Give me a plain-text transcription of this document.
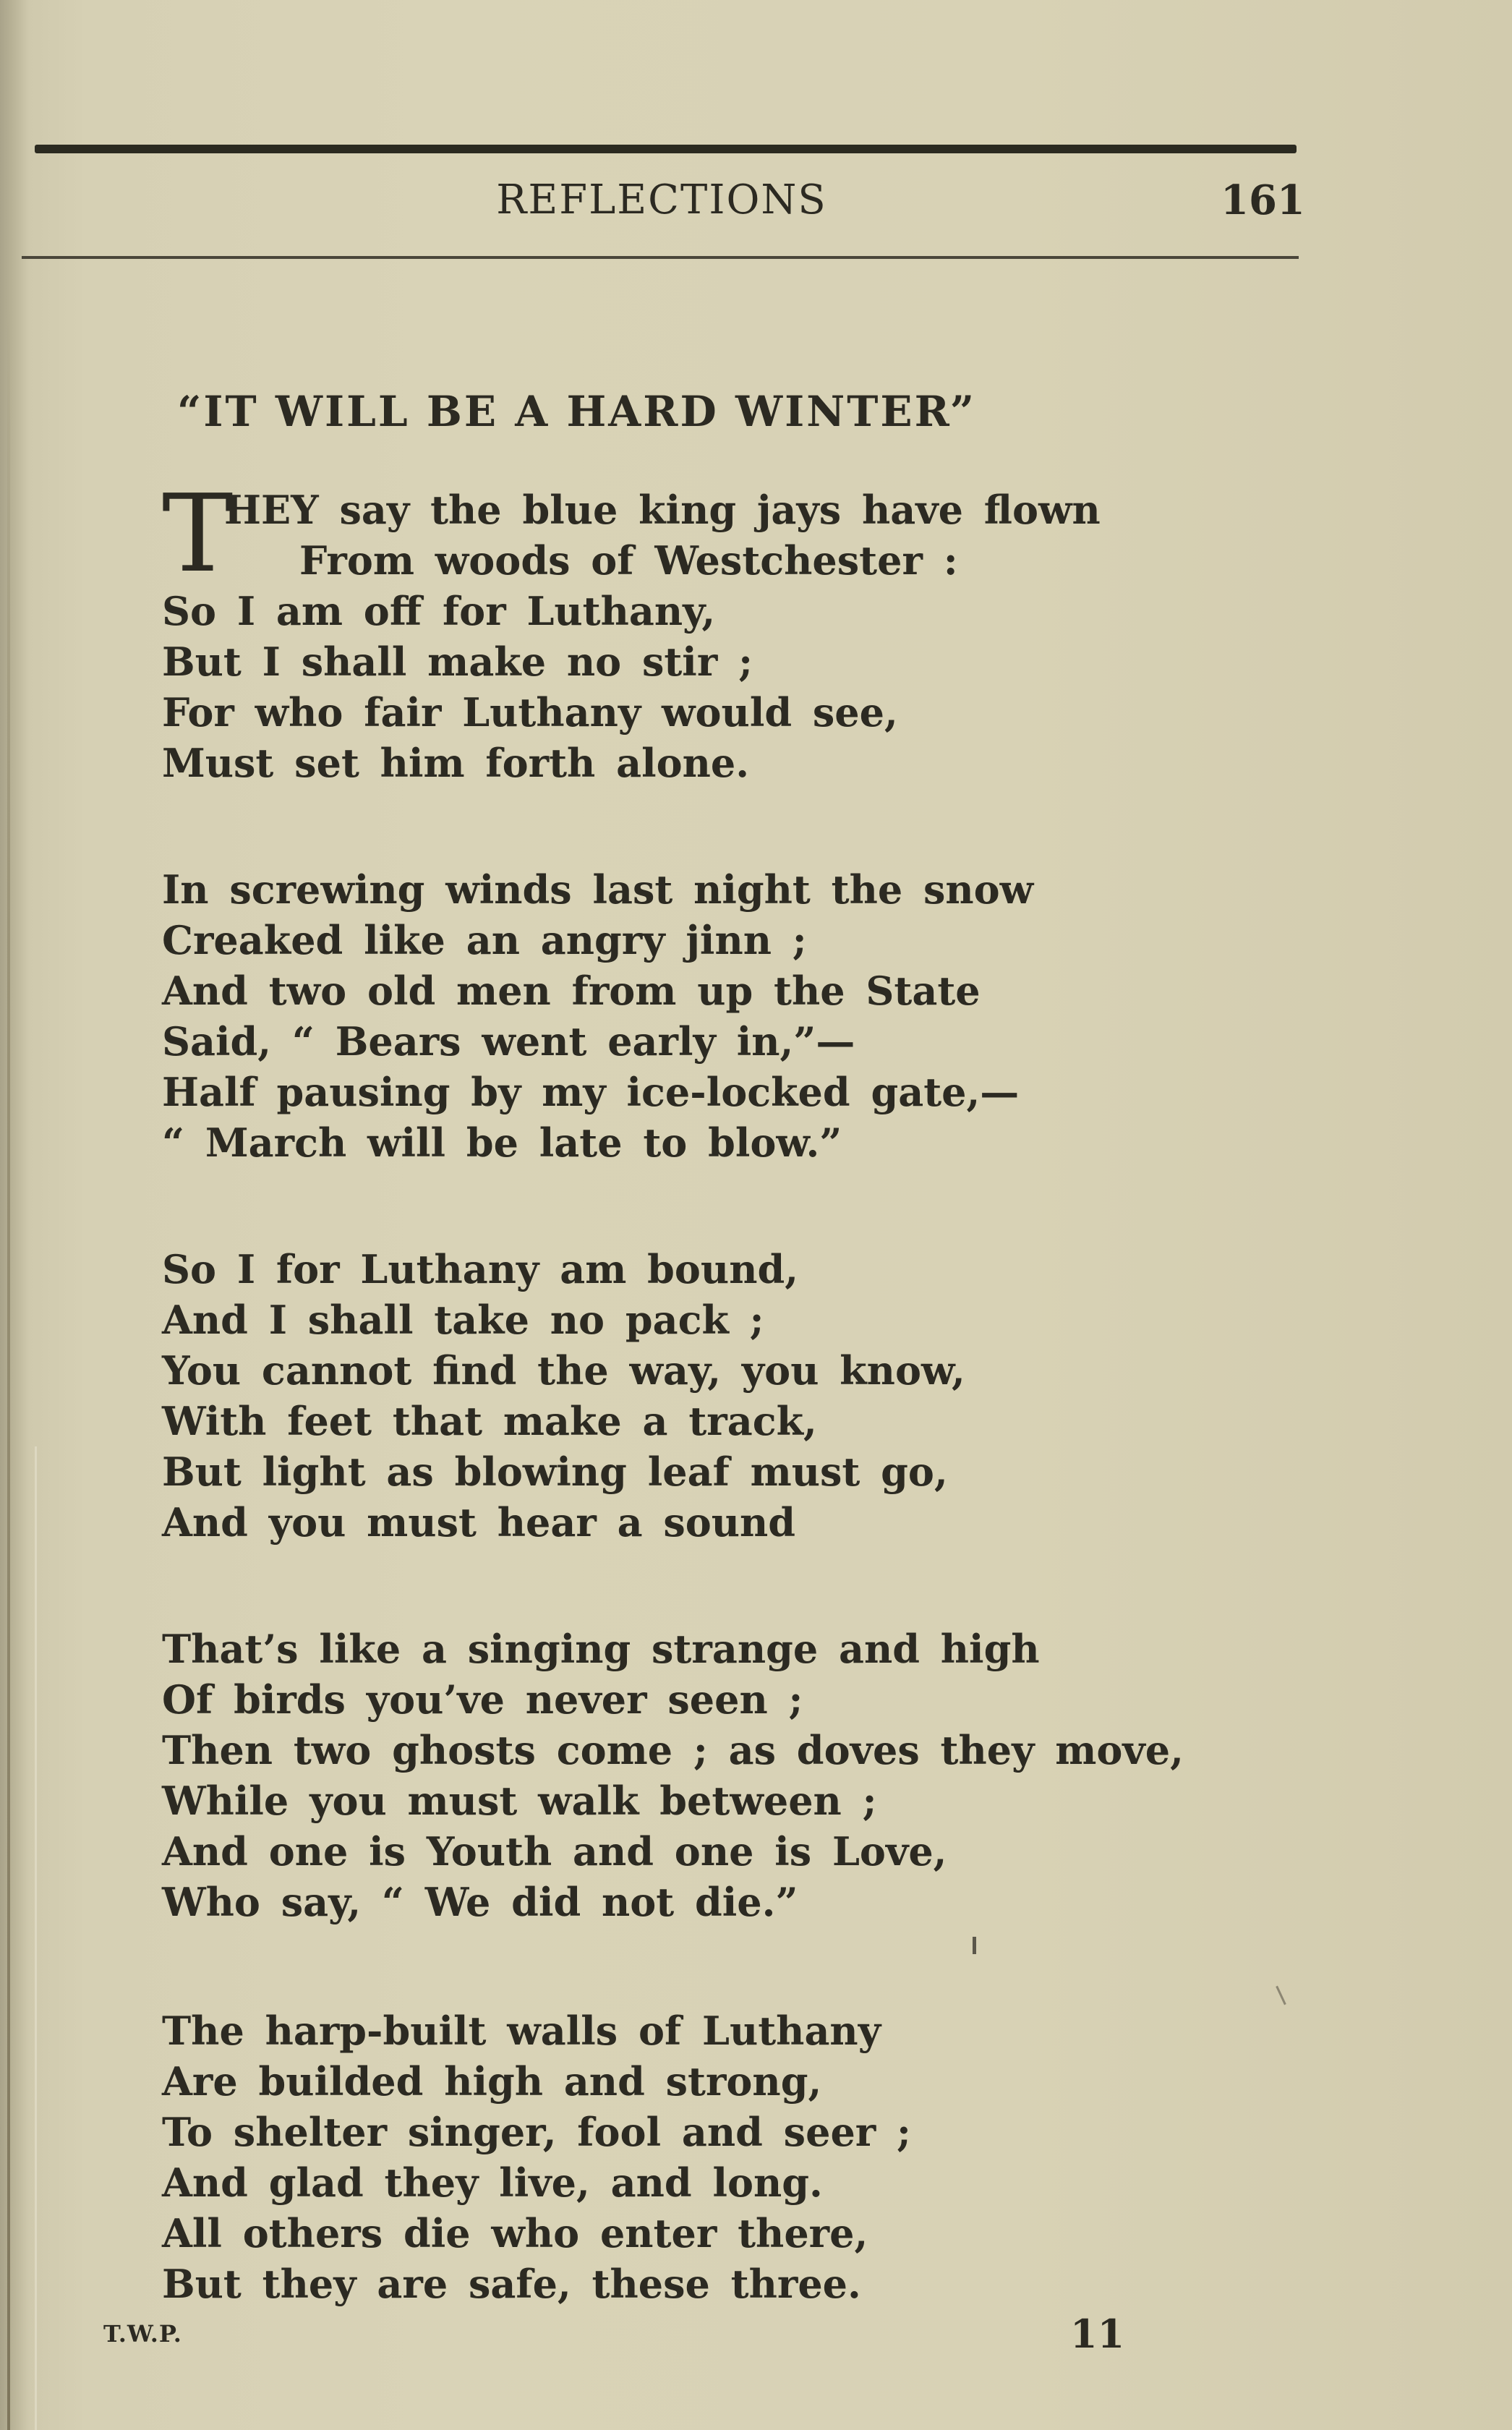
REFLECTIONS	161
“IT WILL BE A HARD WINTER”
T
HEY say the blue king jays have flown
From woods of Westchester :
So I am off for Luthany,
But I shall make no stir ;
For who fair Luthany would see,
Must set him forth alone.
In screwing winds last night the snow
Creaked like an angry jinn ;
And two old men from up the State
Said, “ Bears went early in,”—
Half pausing by my ice-locked gate,—
“ March will be late to blow.”
So I for Luthany am bound,
And I shall take no pack ;
You cannot find the way, you know,
With feet that make a track,
But light as blowing leaf must go,
And you must hear a sound
That’s like a singing strange and high
Of birds you’ve never seen ;
Then two ghosts come ; as doves they move,
While you must walk between ;
And one is Youth and one is Love,
Who say, “ We did not die.”
The harp-built walls of Luthany
Are builded high and strong,
To shelter singer, fool and seer ;
And glad they live, and long.
All others die who enter there,
But they are safe, these three.
T.W.P.	11
